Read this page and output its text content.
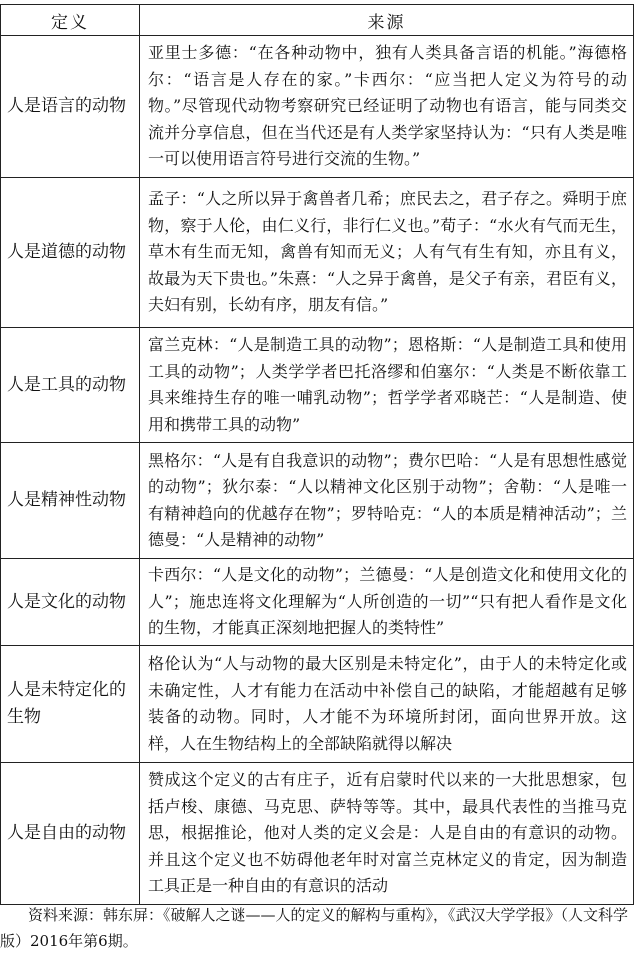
定义	来源
人是语言的动物	亚里士多德：“在各种动物中，独有人类具备言语的机能。”海德格尔：“语言是人存在的家。”卡西尔：“应当把人定义为符号的动物。”尽管现代动物考察研究已经证明了动物也有语言，能与同类交流并分享信息，但在当代还是有人类学家坚持认为：“只有人类是唯一可以使用语言符号进行交流的生物。”
人是道德的动物	孟子：“人之所以异于禽兽者几希；庶民去之，君子存之。舜明于庶物，察于人伦，由仁义行，非行仁义也。”荀子：“水火有气而无生，草木有生而无知，禽兽有知而无义；人有气有生有知，亦且有义，故最为天下贵也。”朱熹：“人之异于禽兽，是父子有亲，君臣有义，夫妇有别，长幼有序，朋友有信。”
人是工具的动物	富兰克林：“人是制造工具的动物”；恩格斯：“人是制造工具和使用工具的动物”；人类学学者巴托洛缪和伯塞尔：“人类是不断依靠工具来维持生存的唯一哺乳动物”；哲学学者邓晓芒：“人是制造、使用和携带工具的动物”
人是精神性动物	黑格尔：“人是有自我意识的动物”；费尔巴哈：“人是有思想性感觉的动物”；狄尔泰：“人以精神文化区别于动物”；舍勒：“人是唯一有精神趋向的优越存在物”；罗特哈克：“人的本质是精神活动”；兰德曼：“人是精神的动物”
人是文化的动物	卡西尔：“人是文化的动物”；兰德曼：“人是创造文化和使用文化的人”；施忠连将文化理解为“人所创造的一切”“只有把人看作是文化的生物，才能真正深刻地把握人的类特性”
人是未特定化的生物	格伦认为“人与动物的最大区别是未特定化”，由于人的未特定化或未确定性，人才有能力在活动中补偿自己的缺陷，才能超越有足够装备的动物。同时，人才能不为环境所封闭，面向世界开放。这样，人在生物结构上的全部缺陷就得以解决
人是自由的动物	赞成这个定义的古有庄子，近有启蒙时代以来的一大批思想家，包括卢梭、康德、马克思、萨特等等。其中，最具代表性的当推马克思，根据推论，他对人类的定义会是：人是自由的有意识的动物。并且这个定义也不妨碍他老年时对富兰克林定义的肯定，因为制造工具正是一种自由的有意识的活动
资料来源：韩东屏：《破解人之谜——人的定义的解构与重构》，《武汉大学学报》（人文科学版）2016年第6期。
